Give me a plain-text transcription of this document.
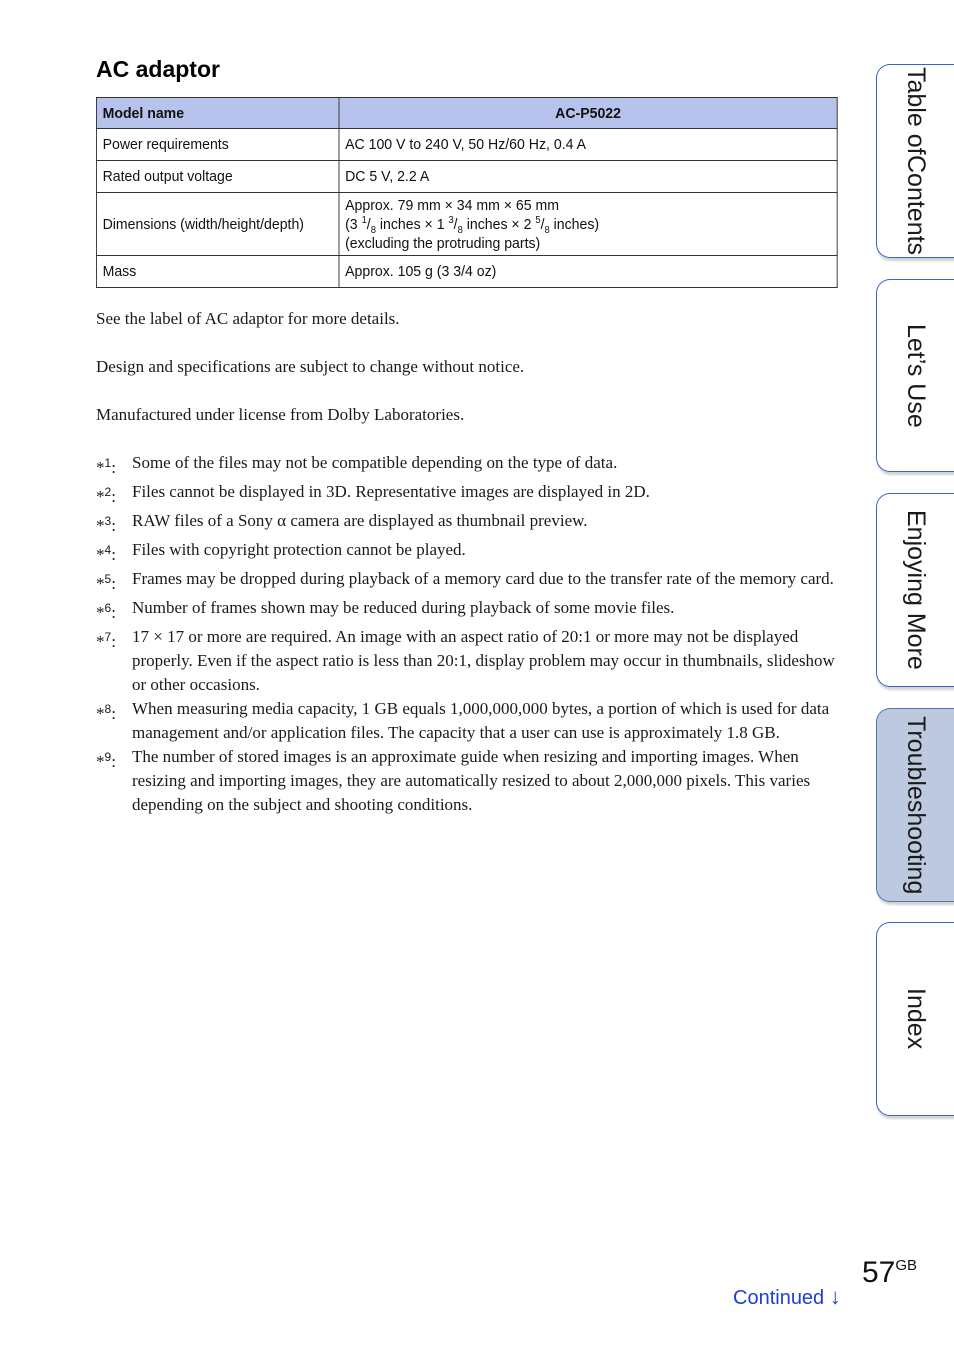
AC adaptor
Model name	AC-P5022
Power requirements	AC 100 V to 240 V, 50 Hz/60 Hz, 0.4 A
Rated output voltage	DC 5 V, 2.2 A
Dimensions (width/height/depth)	Approx. 79 mm × 34 mm × 65 mm
(3 $^1/_8$ inches × 1 $^3/_8$ inches × 2 $^5/_8$ inches)
(excluding the protruding parts)

Mass	Approx. 105 g (3 3/4 oz)
See the label of AC adaptor for more details.
Design and specifications are subject to change without notice.
Manufactured under license from Dolby Laboratories.
*$^1$: Some of the files may not be compatible depending on the type of data.
*$^2$: Files cannot be displayed in 3D. Representative images are displayed in 2D.
*$^3$: RAW files of a Sony α camera are displayed as thumbnail preview.
*$^4$: Files with copyright protection cannot be played.
*$^5$: Frames may be dropped during playback of a memory card due to the transfer rate of the memory card.
*$^6$: Number of frames shown may be reduced during playback of some movie files.
*$^7$: 17 × 17 or more are required. An image with an aspect ratio of 20:1 or more may not be displayed properly. Even if the aspect ratio is less than 20:1, display problem may occur in thumbnails, slideshow or other occasions.
*$^8$: When measuring media capacity, 1 GB equals 1,000,000,000 bytes, a portion of which is used for data management and/or application files. The capacity that a user can use is approximately 1.8 GB.
*$^9$: The number of stored images is an approximate guide when resizing and importing images. When resizing and importing images, they are automatically resized to about 2,000,000 pixels. This varies depending on the subject and shooting conditions.
Table of
Contents
Let’s Use
Enjoying More
Troubleshooting
Index
Continued ↓
$57^{GB}$
